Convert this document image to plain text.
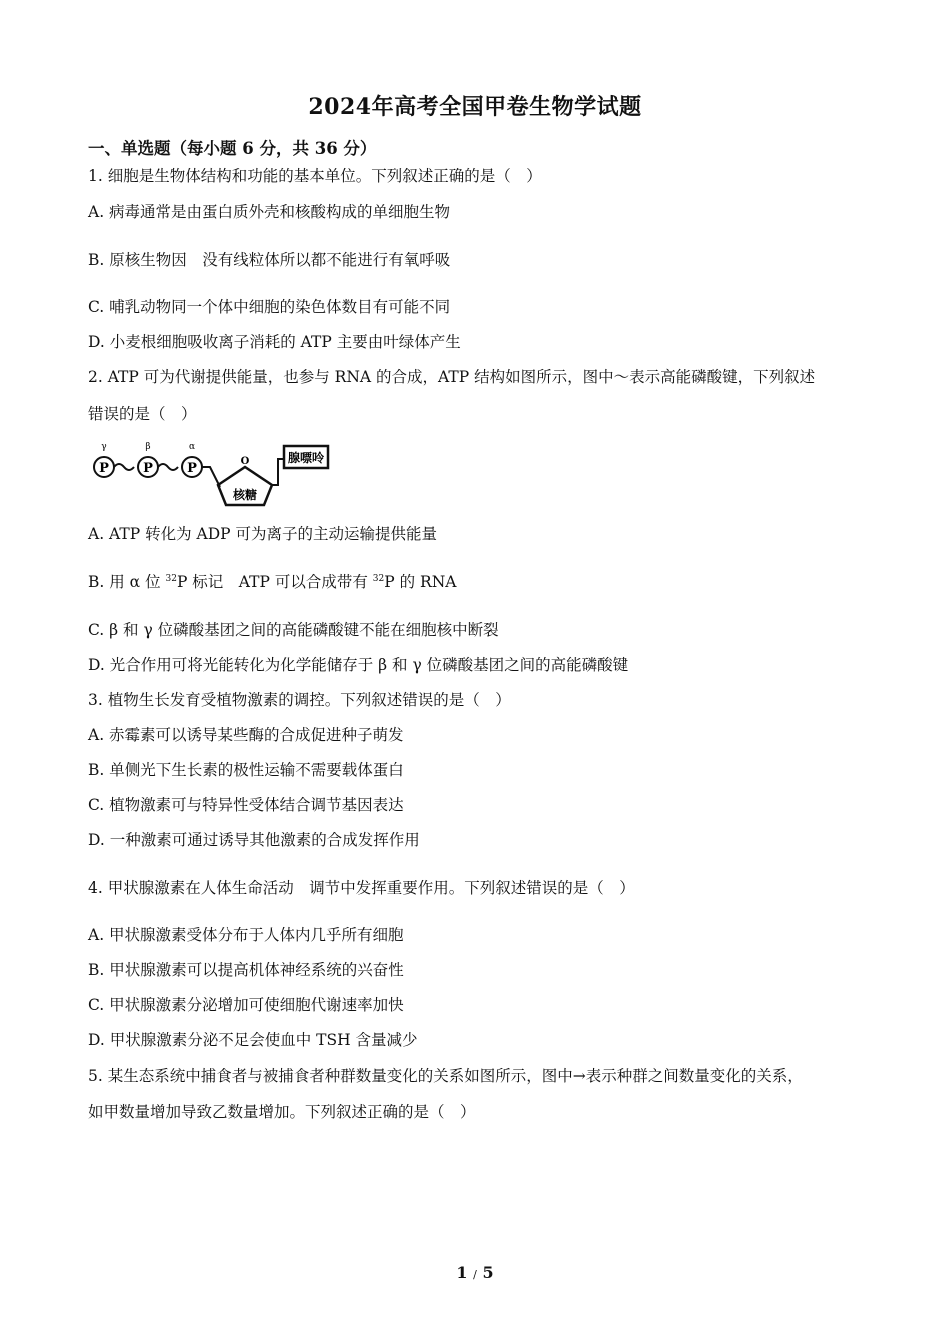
2024年高考全国甲卷生物学试题
一、单选题（每小题 6 分，共 36 分）
1. 细胞是生物体结构和功能的基本单位。下列叙述正确的是（　）
A. 病毒通常是由蛋白质外壳和核酸构成的单细胞生物
B. 原核生物因　没有线粒体所以都不能进行有氧呼吸
C. 哺乳动物同一个体中细胞的染色体数目有可能不同
D. 小麦根细胞吸收离子消耗的 ATP 主要由叶绿体产生
2. ATP 可为代谢提供能量，也参与 RNA 的合成，ATP 结构如图所示，图中～表示高能磷酸键，下列叙述
错误的是（　）
P
γ
P
β
P
α
O
核糖
腺嘌呤
A. ATP 转化为 ADP 可为离子的主动运输提供能量
B. 用 α 位 $^{32}$P 标记　ATP 可以合成带有 $^{32}$P 的 RNA
C. β 和 γ 位磷酸基团之间的高能磷酸键不能在细胞核中断裂
D. 光合作用可将光能转化为化学能储存于 β 和 γ 位磷酸基团之间的高能磷酸键
3. 植物生长发育受植物激素的调控。下列叙述错误的是（　）
A. 赤霉素可以诱导某些酶的合成促进种子萌发
B. 单侧光下生长素的极性运输不需要载体蛋白
C. 植物激素可与特异性受体结合调节基因表达
D. 一种激素可通过诱导其他激素的合成发挥作用
4. 甲状腺激素在人体生命活动　调节中发挥重要作用。下列叙述错误的是（　）
A. 甲状腺激素受体分布于人体内几乎所有细胞
B. 甲状腺激素可以提高机体神经系统的兴奋性
C. 甲状腺激素分泌增加可使细胞代谢速率加快
D. 甲状腺激素分泌不足会使血中 TSH 含量减少
5. 某生态系统中捕食者与被捕食者种群数量变化的关系如图所示，图中→表示种群之间数量变化的关系，
如甲数量增加导致乙数量增加。下列叙述正确的是（　）
1 / 5
